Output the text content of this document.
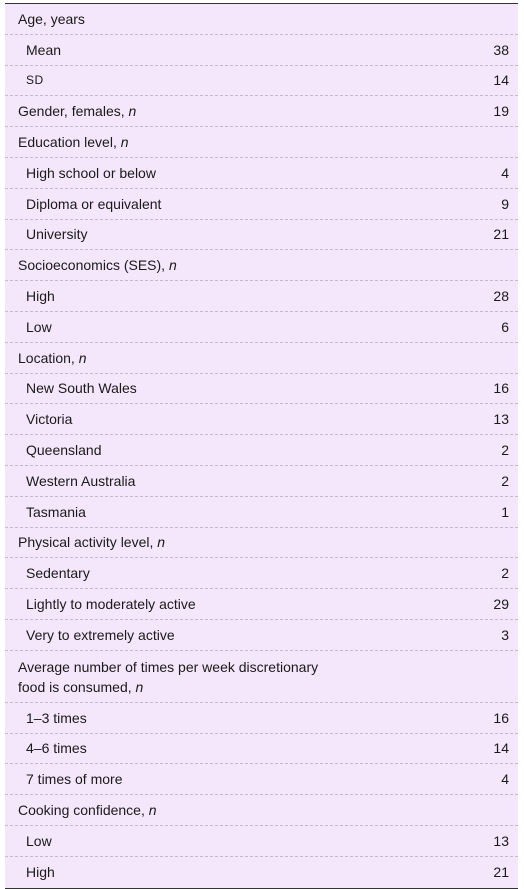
Age, years
Mean	38
SD	14
Gender, females, n	19
Education level, n
High school or below	4
Diploma or equivalent	9
University	21
Socioeconomics (SES), n
High	28
Low	6
Location, n
New South Wales	16
Victoria	13
Queensland	2
Western Australia	2
Tasmania	1
Physical activity level, n
Sedentary	2
Lightly to moderately active	29
Very to extremely active	3
Average number of times per week discretionary food is consumed, n
1–3 times	16
4–6 times	14
7 times of more	4
Cooking confidence, n
Low	13
High	21
